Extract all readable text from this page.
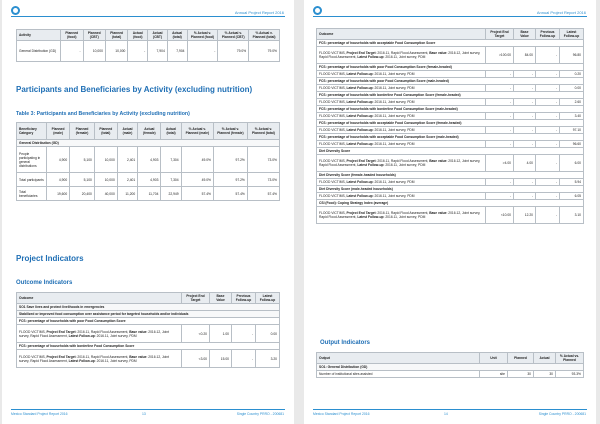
Annual Project Report 2016
Activity	Planned (food)	Planned (CBT)	Planned (total)	Actual (food)	Actual (CBT)	Actual (total)	% Actual v. Planned (food)	% Actual v. Planned (CBT)	% Actual v. Planned (total)
General Distribution (GD)	-	10,000	10,000	-	7,904	7,904	-	79.0%	79.0%
Participants and Beneficiaries by Activity (excluding nutrition)
Table 3: Participants and Beneficiaries by Activity (excluding nutrition)
Beneficiary Category	Planned (male)	Planned (female)	Planned (total)	Actual (male)	Actual (female)	Actual (total)	% Actual v. Planned (male)	% Actual v. Planned (female)	% Actual v. Planned (total)
General Distribution (GD)									
People participating in general distributions	4,900	5,100	10,000	2,401	4,903	7,304	49.0%	97.2%	73.0%
Total participants	4,900	5,100	10,000	2,401	4,903	7,304	49.0%	97.2%	73.0%
Total beneficiaries	19,600	20,400	40,000	11,200	11,704	22,949	57.4%	57.4%	57.4%
Project Indicators
Outcome Indicators
Outcome	Project End Target	Base Value	Previous Follow-up	Latest Follow-up
SO1 Save lives and protect livelihoods in emergencies				
Stabilized or improved food consumption over assistance period for targeted households and/or individuals				
FCS: percentage of households with poor Food Consumption Score				
FLOOD VICTIMS, Project End Target: 2016.11, Rapid Flood Assessment, Base value: 2016.12, Joint survey, Rapid Flood Assessment, Latest Follow-up: 2016.11, Joint survey, PDM	<0.20	1.00	-	0.00
FCS: percentage of households with borderline Food Consumption Score				
FLOOD VICTIMS, Project End Target: 2016.11, Rapid Flood Assessment, Base value: 2016.12, Joint survey, Rapid Flood Assessment, Latest Follow-up: 2016.11, Joint survey, PDM	<3.00	15.00	-	3.20
Mexico Standard Project Report 2016	13	Single Country PRRO - 200681
Annual Project Report 2016
Outcome	Project End Target	Base Value	Previous Follow-up	Latest Follow-up
FCS: percentage of households with acceptable Food Consumption Score				
FLOOD VICTIMS, Project End Target: 2016.11, Rapid Flood Assessment, Base value: 2016.12, Joint survey, Rapid Flood Assessment, Latest Follow-up: 2016.11, Joint survey, PDM	>100.00	84.00	-	96.80
FCS: percentage of households with poor Food Consumption Score (female-headed)				
FLOOD VICTIMS, Latest Follow-up: 2016.11, Joint survey, PDM	-	-	-	0.20
FCS: percentage of households with poor Food Consumption Score (male-headed)				
FLOOD VICTIMS, Latest Follow-up: 2016.11, Joint survey, PDM	-	-	-	0.00
FCS: percentage of households with borderline Food Consumption Score (female-headed)				
FLOOD VICTIMS, Latest Follow-up: 2016.11, Joint survey, PDM	-	-	-	2.60
FCS: percentage of households with borderline Food Consumption Score (male-headed)				
FLOOD VICTIMS, Latest Follow-up: 2016.11, Joint survey, PDM	-	-	-	3.40
FCS: percentage of households with acceptable Food Consumption Score (female-headed)				
FLOOD VICTIMS, Latest Follow-up: 2016.11, Joint survey, PDM	-	-	-	97.10
FCS: percentage of households with acceptable Food Consumption Score (male-headed)				
FLOOD VICTIMS, Latest Follow-up: 2016.11, Joint survey, PDM	-	-	-	96.60
Diet Diversity Score				
FLOOD VICTIMS, Project End Target: 2016.11, Rapid Flood Assessment, Base value: 2016.12, Joint survey, Rapid Flood Assessment, Latest Follow-up: 2016.11, Joint survey, PDM	>4.00	4.00	-	6.00
Diet Diversity Score (female-headed households)				
FLOOD VICTIMS, Latest Follow-up: 2016.11, Joint survey, PDM	-	-	-	5.94
Diet Diversity Score (male-headed households)				
FLOOD VICTIMS, Latest Follow-up: 2016.11, Joint survey, PDM	-	-	-	6.05
CSI (Food): Coping Strategy Index (average)				
FLOOD VICTIMS, Project End Target: 2016.11, Rapid Flood Assessment, Base value: 2016.12, Joint survey, Rapid Flood Assessment, Latest Follow-up: 2016.11, Joint survey, PDM	<10.00	12.20	-	3.10
Output Indicators
Output	Unit	Planned	Actual	% Actual vs. Planned
SO1: General Distribution (GD)				
Number of institutional sites assisted	site	30	30	93.3%
Mexico Standard Project Report 2016	14	Single Country PRRO - 200681
